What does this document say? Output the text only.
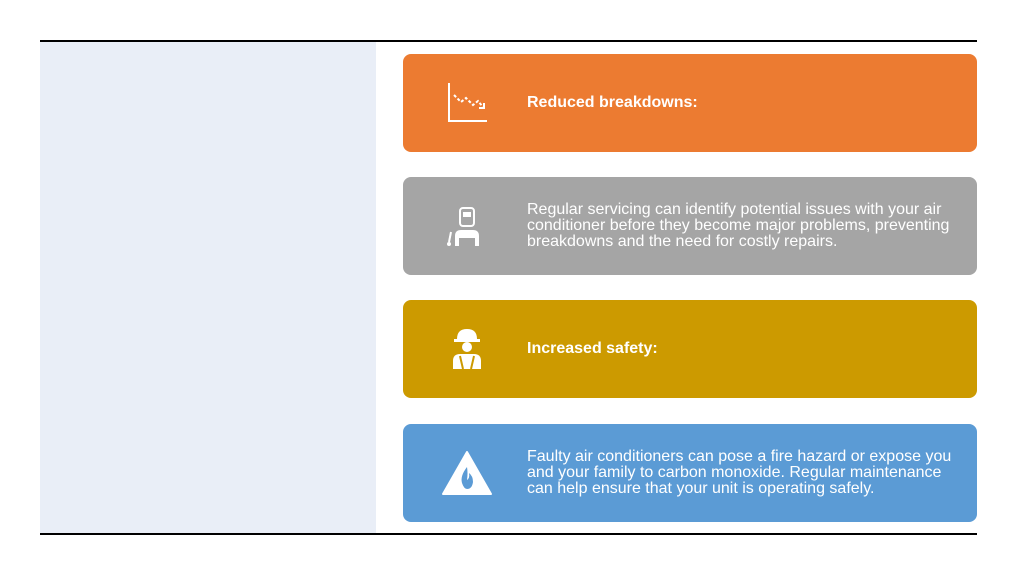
Reduced breakdowns:
Regular servicing can identify potential issues with your air conditioner before they become major problems, preventing breakdowns and the need for costly repairs.
Increased safety:
Faulty air conditioners can pose a fire hazard or expose you and your family to carbon monoxide. Regular maintenance can help ensure that your unit is operating safely.
